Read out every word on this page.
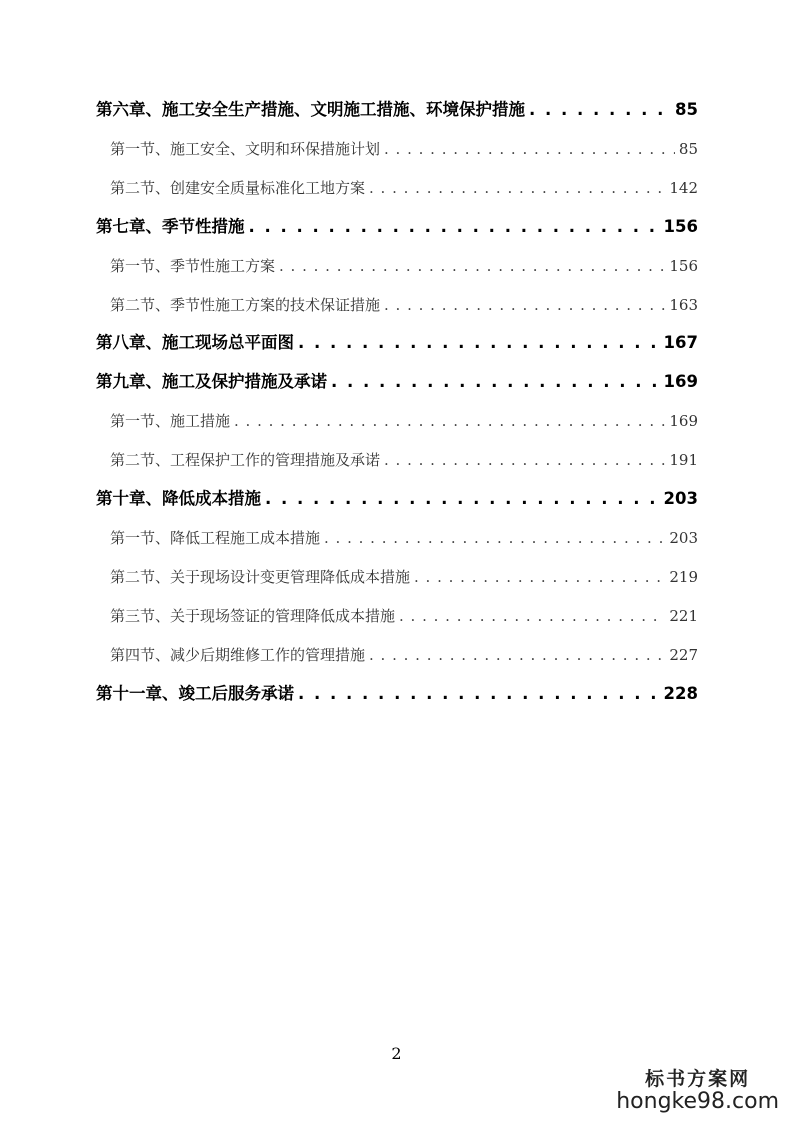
第六章、施工安全生产措施、文明施工措施、环境保护措施 . . .	85
第一节、施工安全、文明和环保措施计划 . . .	85
第二节、创建安全质量标准化工地方案 . . .	142
第七章、季节性措施 . . .	156
第一节、季节性施工方案 . . .	156
第二节、季节性施工方案的技术保证措施 . . .	163
第八章、施工现场总平面图 . . .	167
第九章、施工及保护措施及承诺 . . .	169
第一节、施工措施 . . .	169
第二节、工程保护工作的管理措施及承诺 . . .	191
第十章、降低成本措施 . . .	203
第一节、降低工程施工成本措施 . . .	203
第二节、关于现场设计变更管理降低成本措施 . . .	219
第三节、关于现场签证的管理降低成本措施 . . .	221
第四节、减少后期维修工作的管理措施 . . .	227
第十一章、竣工后服务承诺 . . .	228
2
标书方案网
hongke98.com
